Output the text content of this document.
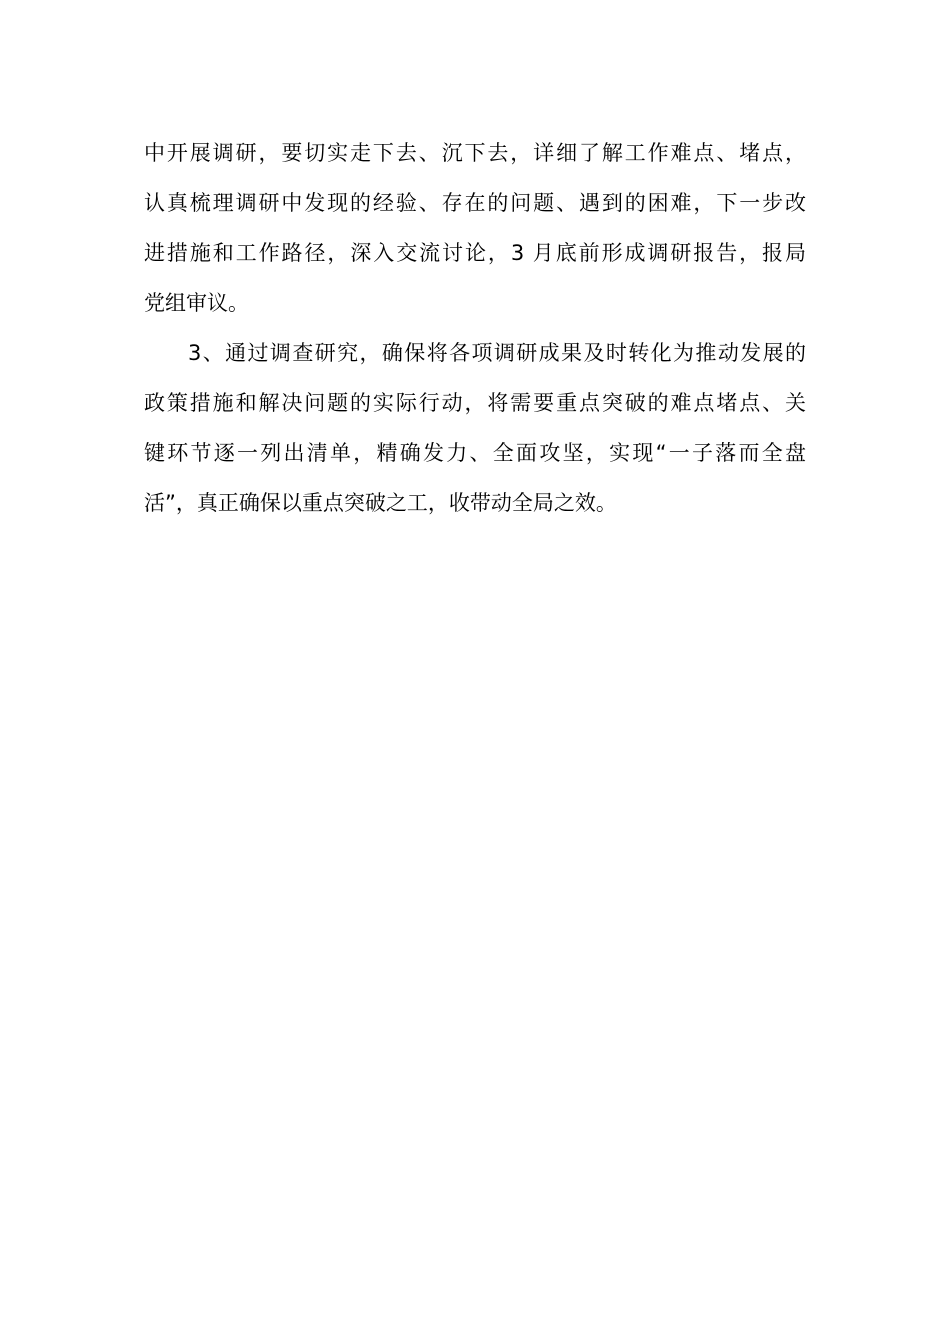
中开展调研，要切实走下去、沉下去，详细了解工作难点、堵点，
认真梳理调研中发现的经验、存在的问题、遇到的困难，下一步改
进措施和工作路径，深入交流讨论，3 月底前形成调研报告，报局
党组审议。
3、通过调查研究，确保将各项调研成果及时转化为推动发展的
政策措施和解决问题的实际行动，将需要重点突破的难点堵点、关
键环节逐一列出清单，精确发力、全面攻坚，实现“一子落而全盘
活”，真正确保以重点突破之工，收带动全局之效。
